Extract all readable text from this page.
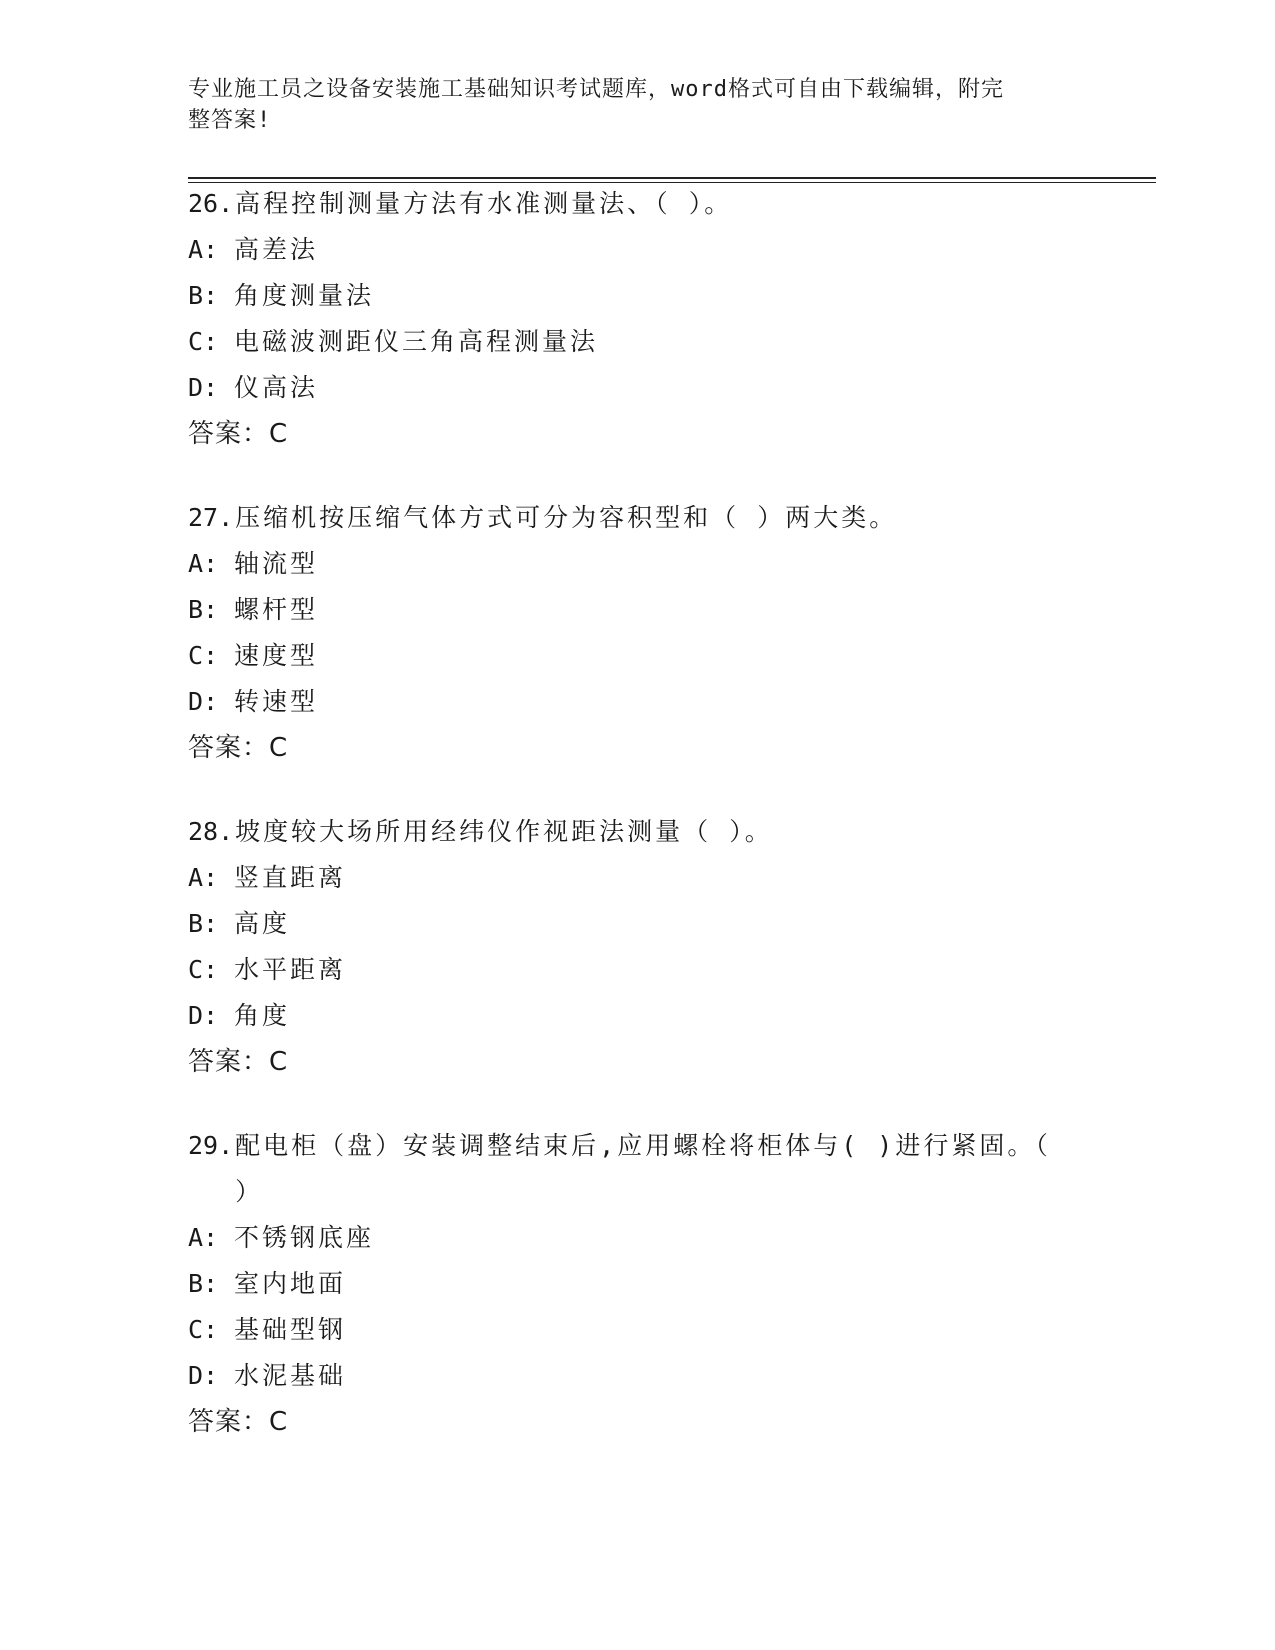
专业施工员之设备安装施工基础知识考试题库，word格式可自由下载编辑，附完
整答案!
26. 高程控制测量方法有水准测量法、（ ）。
A: 高差法
B: 角度测量法
C: 电磁波测距仪三角高程测量法
D: 仪高法
答案：C
27. 压缩机按压缩气体方式可分为容积型和（ ）两大类。
A: 轴流型
B: 螺杆型
C: 速度型
D: 转速型
答案：C
28. 坡度较大场所用经纬仪作视距法测量（ ）。
A: 竖直距离
B: 高度
C: 水平距离
D: 角度
答案：C
29. 配电柜（盘）安装调整结束后,应用螺栓将柜体与( )进行紧固。（ ）
A: 不锈钢底座
B: 室内地面
C: 基础型钢
D: 水泥基础
答案：C
